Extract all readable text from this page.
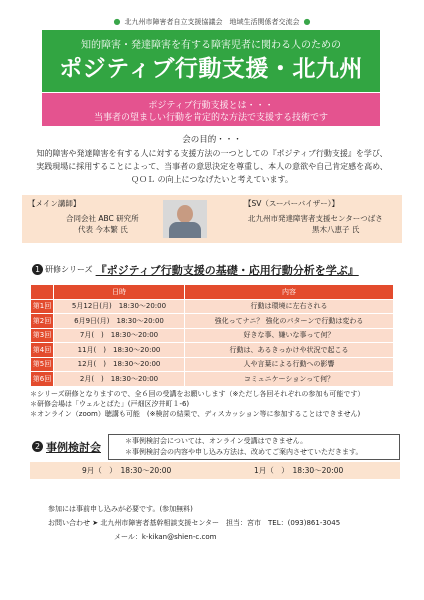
● 北九州市障害者自立支援協議会　地域生活関係者交流会 ●
知的障害・発達障害を有する障害児者に関わる人のための
ポジティブ行動支援・北九州
ポジティブ行動支援とは・・・
当事者の望ましい行動を肯定的な方法で支援する技術です
会の目的・・・
知的障害や発達障害を有する人に対する支援方法の一つとしての『ポジティブ行動支援』を学び、
実践現場に採用することによって、当事者の意思決定を尊重し、本人の意欲や自己肯定感を高め、
ＱＯＬ の向上につなげたいと考えています。
【メイン講師】
合同会社 ABC 研究所
代表 今本繁 氏
【SV（スーパーバイザー）】
北九州市発達障害者支援センターつばさ
黒木八恵子 氏
1 研修シリーズ 『ポジティブ行動支援の基礎・応用行動分析を学ぶ』
	日時	内容
第1回	5月12日(月)　18:30～20:00	行動は環境に左右される
第2回	6月9日(月)　18:30～20:00	強化ってナニ？ 強化のパターンで行動は変わる
第3回	7月(　)　18:30～20:00	好きな事、嫌いな事って何？
第4回	11月(　)　18:30～20:00	行動は、あるきっかけや状況で起こる
第5回	12月(　)　18:30～20:00	人や言葉による行動への影響
第6回	2月(　)　18:30～20:00	コミュニケーションって何？
＊シリーズ研修となりますので、全６回の受講をお願いします（※ただし各回それぞれの参加も可能です）
＊研修会場は「ウェルとばた」(戸畑区汐井町１-6)
＊オンライン（zoom）聴講も可能　(※検討の結果で、ディスカッション等に参加することはできません)
2 事例検討会	＊事例検討会については、オンライン受講はできません。
＊事例検討会の内容や申し込み方法は、改めてご案内させていただきます。
9月（　）　18:30～20:00	1月（　）　18:30～20:00
参加には事前申し込みが必要です。(参加無料)
お問い合わせ ➤ 北九州市障害者基幹相談支援センター　担当：宮市　TEL：(093)861-3045
メール：k-kikan@shien-c.com
